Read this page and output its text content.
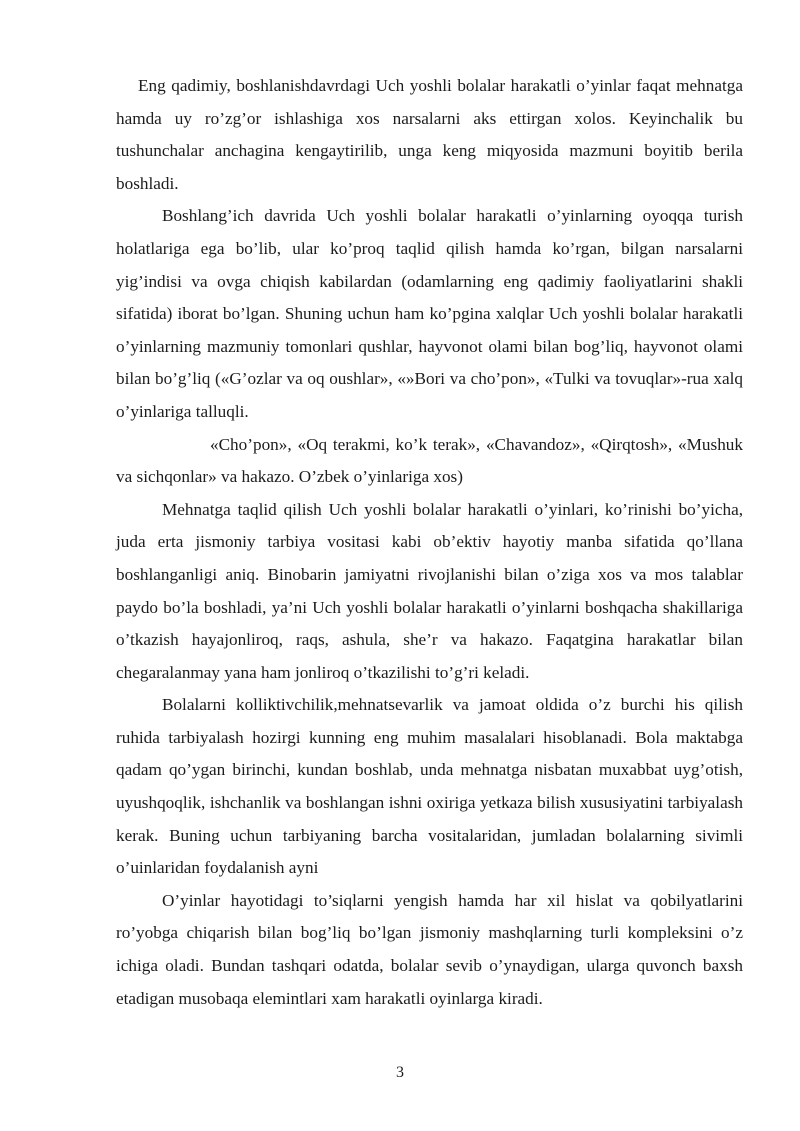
Eng qadimiy, boshlanishdavrdagi Uch yoshli bolalar harakatli o’yinlar faqat mehnatga hamda uy ro’zg’or ishlashiga xos narsalarni aks ettirgan xolos. Keyinchalik bu tushunchalar anchagina kengaytirilib, unga keng miqyosida mazmuni boyitib berila boshladi.

Boshlang’ich davrida Uch yoshli bolalar harakatli o’yinlarning oyoqqa turish holatlariga ega bo’lib, ular ko’proq taqlid qilish hamda ko’rgan, bilgan narsalarni yig’indisi va ovga chiqish kabilardan (odamlarning eng qadimiy faoliyatlarini shakli sifatida) iborat bo’lgan. Shuning uchun ham ko’pgina xalqlar Uch yoshli bolalar harakatli o’yinlarning mazmuniy tomonlari qushlar, hayvonot olami bilan bog’liq, hayvonot olami bilan bo’g’liq («G’ozlar va oq oushlar», «»Bori va cho’pon», «Tulki va tovuqlar»-rua xalq o’yinlariga talluqli.

«Cho’pon», «Oq terakmi, ko’k terak», «Chavandoz», «Qirqtosh», «Mushuk va sichqonlar» va hakazo. O’zbek o’yinlariga xos)

Mehnatga taqlid qilish Uch yoshli bolalar harakatli o’yinlari, ko’rinishi bo’yicha, juda erta jismoniy tarbiya vositasi kabi ob’ektiv hayotiy manba sifatida qo’llana boshlanganligi aniq. Binobarin jamiyatni rivojlanishi bilan o’ziga xos va mos talablar paydo bo’la boshladi, ya’ni Uch yoshli bolalar harakatli o’yinlarni boshqacha shakillariga o’tkazish hayajonliroq, raqs, ashula, she’r va hakazo. Faqatgina harakatlar bilan chegaralanmay yana ham jonliroq o’tkazilishi to’g’ri keladi.

Bolalarni kolliktivchilik,mehnatsevarlik va jamoat oldida o’z burchi his qilish ruhida tarbiyalash hozirgi kunning eng muhim masalalari hisoblanadi. Bola maktabga qadam qo’ygan birinchi, kundan boshlab, unda mehnatga nisbatan muxabbat uyg’otish, uyushqoqlik, ishchanlik va boshlangan ishni oxiriga yetkaza bilish xususiyatini tarbiyalash kerak. Buning uchun tarbiyaning barcha vositalaridan, jumladan bolalarning sivimli o’uinlaridan foydalanish ayni

O’yinlar hayotidagi to’siqlarni yengish hamda har xil hislat va qobilyatlarini ro’yobga chiqarish bilan bog’liq bo’lgan jismoniy mashqlarning turli kompleksini o’z ichiga oladi. Bundan tashqari odatda, bolalar sevib o’ynaydigan, ularga quvonch baxsh etadigan musobaqa elemintlari xam harakatli oyinlarga kiradi.

3
